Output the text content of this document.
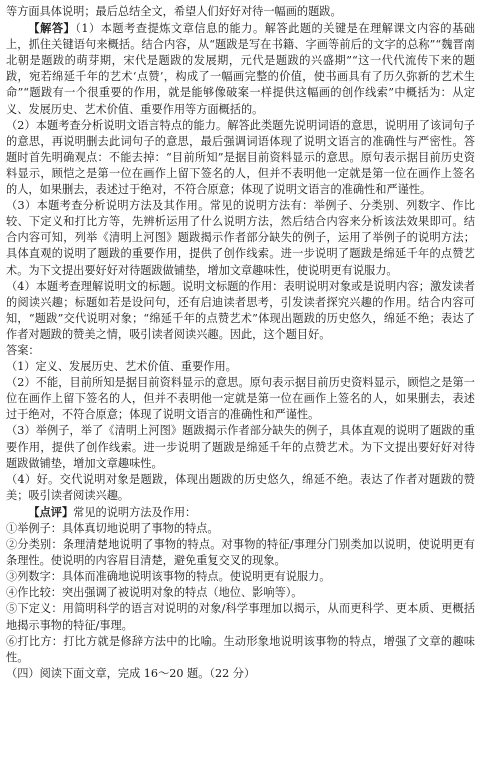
等方面具体说明；最后总结全文，希望人们好好对待一幅画的题跋。

【解答】（1）本题考查提炼文章信息的能力。解答此题的关键是在理解课文内容的基础上，抓住关键语句来概括。结合内容，从“题跋是写在书籍、字画等前后的文字的总称”“魏晋南北朝是题跋的萌芽期，宋代是题跋的发展期，元代是题跋的兴盛期”“这一代代流传下来的题跋，宛若绵延千年的艺术‘点赞’，构成了一幅画完整的价值，使书画具有了历久弥新的艺术生命”“题跋有一个很重要的作用，就是能够像破案一样提供这幅画的创作线索”中概括为：从定义、发展历史、艺术价值、重要作用等方面概括的。

（2）本题考查分析说明文语言特点的能力。解答此类题先说明词语的意思，说明用了该词句子的意思，再说明删去此词句子的意思，最后强调词语体现了说明文语言的准确性与严密性。答题时首先明确观点：不能去掉：“目前所知”是据目前资料显示的意思。原句表示据目前历史资料显示，顾恺之是第一位在画作上留下签名的人，但并不表明他一定就是第一位在画作上签名的人，如果删去，表述过于绝对，不符合原意；体现了说明文语言的准确性和严谨性。

（3）本题考查分析说明方法及其作用。常见的说明方法有：举例子、分类别、列数字、作比较、下定义和打比方等，先辨析运用了什么说明方法，然后结合内容来分析该法效果即可。结合内容可知，列举《清明上河图》题跋揭示作者部分缺失的例子，运用了举例子的说明方法；具体直观的说明了题跋的重要作用，提供了创作线索。进一步说明了题跋是绵延千年的点赞艺术。为下文提出要好好对待题跋做铺垫，增加文章趣味性，使说明更有说服力。

（4）本题考查理解说明文的标题。说明文标题的作用：表明说明对象或是说明内容；激发读者的阅读兴趣；标题如若是设问句，还有启迪读者思考，引发读者探究兴趣的作用。结合内容可知，“题跋”交代说明对象；“绵延千年的点赞艺术”体现出题跋的历史悠久，绵延不绝；表达了作者对题跋的赞美之情，吸引读者阅读兴趣。因此，这个题目好。

答案：

（1）定义、发展历史、艺术价值、重要作用。

（2）不能，目前所知是据目前资料显示的意思。原句表示据目前历史资料显示，顾恺之是第一位在画作上留下签名的人，但并不表明他一定就是第一位在画作上签名的人，如果删去，表述过于绝对，不符合原意；体现了说明文语言的准确性和严谨性。

（3）举例子，举了《清明上河图》题跋揭示作者部分缺失的例子，具体直观的说明了题跋的重要作用，提供了创作线索。进一步说明了题跋是绵延千年的点赞艺术。为下文提出要好好对待题跋做铺垫，增加文章趣味性。

（4）好。交代说明对象是题跋，体现出题跋的历史悠久，绵延不绝。表达了作者对题跋的赞美；吸引读者阅读兴趣。

【点评】常见的说明方法及作用：

①举例子：具体真切地说明了事物的特点。

②分类别：条理清楚地说明了事物的特点。对事物的特征/事理分门别类加以说明，使说明更有条理性。使说明的内容眉目清楚，避免重复交叉的现象。

③列数字：具体而准确地说明该事物的特点。使说明更有说服力。

④作比较：突出强调了被说明对象的特点（地位、影响等）。

⑤下定义：用简明科学的语言对说明的对象/科学事理加以揭示，从而更科学、更本质、更概括地揭示事物的特征/事理。

⑥打比方：打比方就是修辞方法中的比喻。生动形象地说明该事物的特点，增强了文章的趣味性。

（四）阅读下面文章，完成 16～20 题。（22 分）
